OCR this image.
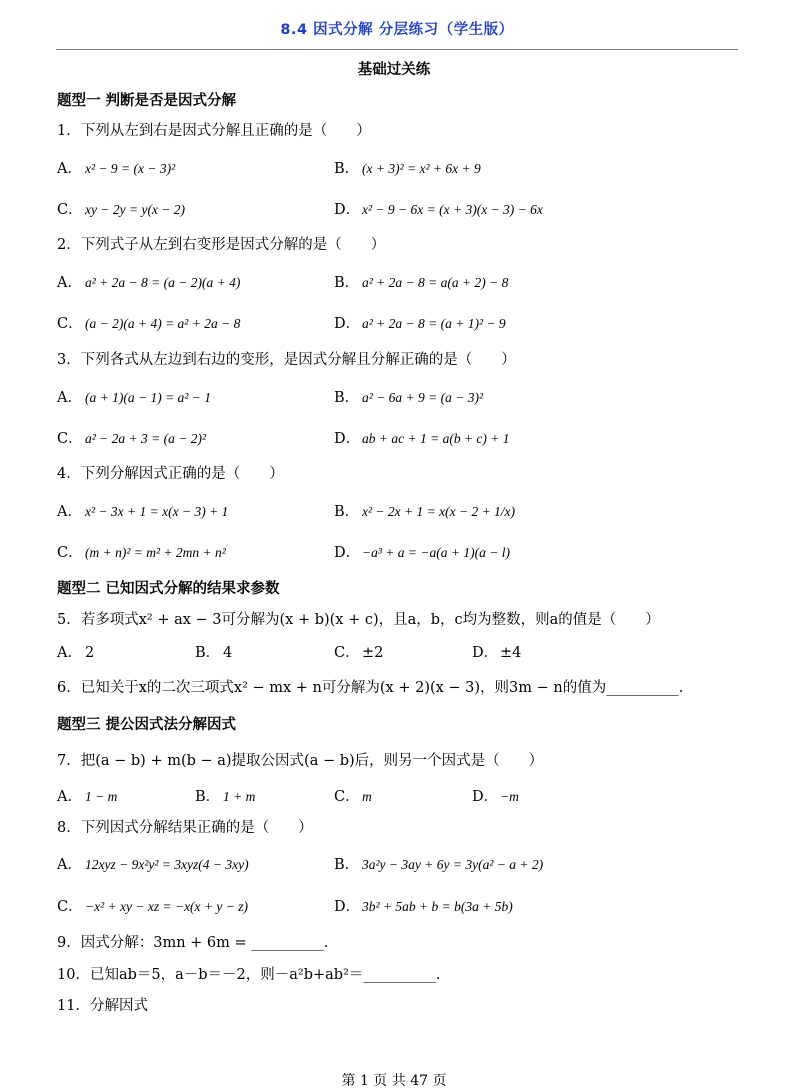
8.4 因式分解 分层练习（学生版）
基础过关练
题型一 判断是否是因式分解
1．下列从左到右是因式分解且正确的是（　　）
A． x² − 9 = (x − 3)²	B． (x + 3)² = x² + 6x + 9
C． xy − 2y = y(x − 2)	D． x² − 9 − 6x = (x + 3)(x − 3) − 6x
2．下列式子从左到右变形是因式分解的是（　　）
A． a² + 2a − 8 = (a − 2)(a + 4)	B． a² + 2a − 8 = a(a + 2) − 8
C． (a − 2)(a + 4) = a² + 2a − 8	D． a² + 2a − 8 = (a + 1)² − 9
3．下列各式从左边到右边的变形，是因式分解且分解正确的是（　　）
A． (a + 1)(a − 1) = a² − 1	B． a² − 6a + 9 = (a − 3)²
C． a² − 2a + 3 = (a − 2)²	D． ab + ac + 1 = a(b + c) + 1
4．下列分解因式正确的是（　　）
A． x² − 3x + 1 = x(x − 3) + 1	B． x² − 2x + 1 = x(x − 2 + 1/x)
C． (m + n)² = m² + 2mn + n²	D． −a³ + a = −a(a + 1)(a − l)
题型二 已知因式分解的结果求参数
5．若多项式x² + ax − 3可分解为(x + b)(x + c)，且a，b，c均为整数，则a的值是（　　）
A． 2	B． 4	C． ±2	D． ±4
6．已知关于x的二次三项式x² − mx + n可分解为(x + 2)(x − 3)，则3m − n的值为__________.
题型三 提公因式法分解因式
7．把(a − b) + m(b − a)提取公因式(a − b)后，则另一个因式是（　　）
A． 1 − m	B． 1 + m	C． m	D． −m
8．下列因式分解结果正确的是（　　）
A． 12xyz − 9x²y² = 3xyz(4 − 3xy)	B． 3a²y − 3ay + 6y = 3y(a² − a + 2)
C． −x² + xy − xz = −x(x + y − z)	D． 3b² + 5ab + b = b(3a + 5b)
9．因式分解：3mn + 6m = __________.
10．已知ab＝5，a－b＝－2，则－a²b+ab²＝__________.
11．分解因式
第 1 页 共 47 页
